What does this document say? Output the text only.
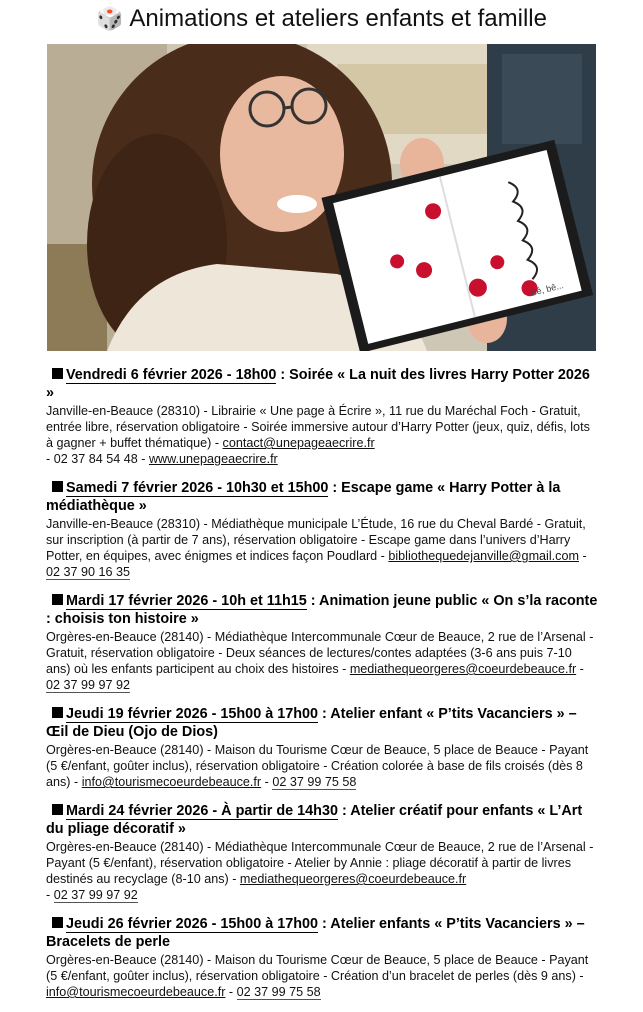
🎲 Animations et ateliers enfants et famille
Bê, bê...
Vendredi 6 février 2026 - 18h00 : Soirée « La nuit des livres Harry Potter 2026 »
Janville-en-Beauce (28310) - Librairie « Une page à Écrire », 11 rue du Maréchal Foch - Gratuit, entrée libre, réservation obligatoire - Soirée immersive autour d’Harry Potter (jeux, quiz, défis, lots à gagner + buffet thématique) - contact@unepageaecrire.fr
- 02 37 84 54 48 - www.unepageaecrire.fr
Samedi 7 février 2026 - 10h30 et 15h00 : Escape game « Harry Potter à la médiathèque »
Janville-en-Beauce (28310) - Médiathèque municipale L’Étude, 16 rue du Cheval Bardé - Gratuit, sur inscription (à partir de 7 ans), réservation obligatoire - Escape game dans l’univers d’Harry Potter, en équipes, avec énigmes et indices façon Poudlard - bibliothequedejanville@gmail.com - 02 37 90 16 35
Mardi 17 février 2026 - 10h et 11h15 : Animation jeune public « On s’la raconte : choisis ton histoire »
Orgères-en-Beauce (28140) - Médiathèque Intercommunale Cœur de Beauce, 2 rue de l’Arsenal - Gratuit, réservation obligatoire - Deux séances de lectures/contes adaptées (3-6 ans puis 7-10 ans) où les enfants participent au choix des histoires - mediathequeorgeres@coeurdebeauce.fr - 02 37 99 97 92
Jeudi 19 février 2026 - 15h00 à 17h00 : Atelier enfant « P’tits Vacanciers » – Œil de Dieu (Ojo de Dios)
Orgères-en-Beauce (28140) - Maison du Tourisme Cœur de Beauce, 5 place de Beauce - Payant (5 €/enfant, goûter inclus), réservation obligatoire - Création colorée à base de fils croisés (dès 8 ans) - info@tourismecoeurdebeauce.fr - 02 37 99 75 58
Mardi 24 février 2026 - À partir de 14h30 : Atelier créatif pour enfants « L’Art du pliage décoratif »
Orgères-en-Beauce (28140) - Médiathèque Intercommunale Cœur de Beauce, 2 rue de l’Arsenal - Payant (5 €/enfant), réservation obligatoire - Atelier by Annie : pliage décoratif à partir de livres destinés au recyclage (8-10 ans) - mediathequeorgeres@coeurdebeauce.fr
- 02 37 99 97 92
Jeudi 26 février 2026 - 15h00 à 17h00 : Atelier enfants « P’tits Vacanciers » – Bracelets de perle
Orgères-en-Beauce (28140) - Maison du Tourisme Cœur de Beauce, 5 place de Beauce - Payant (5 €/enfant, goûter inclus), réservation obligatoire - Création d’un bracelet de perles (dès 9 ans) - info@tourismecoeurdebeauce.fr - 02 37 99 75 58
